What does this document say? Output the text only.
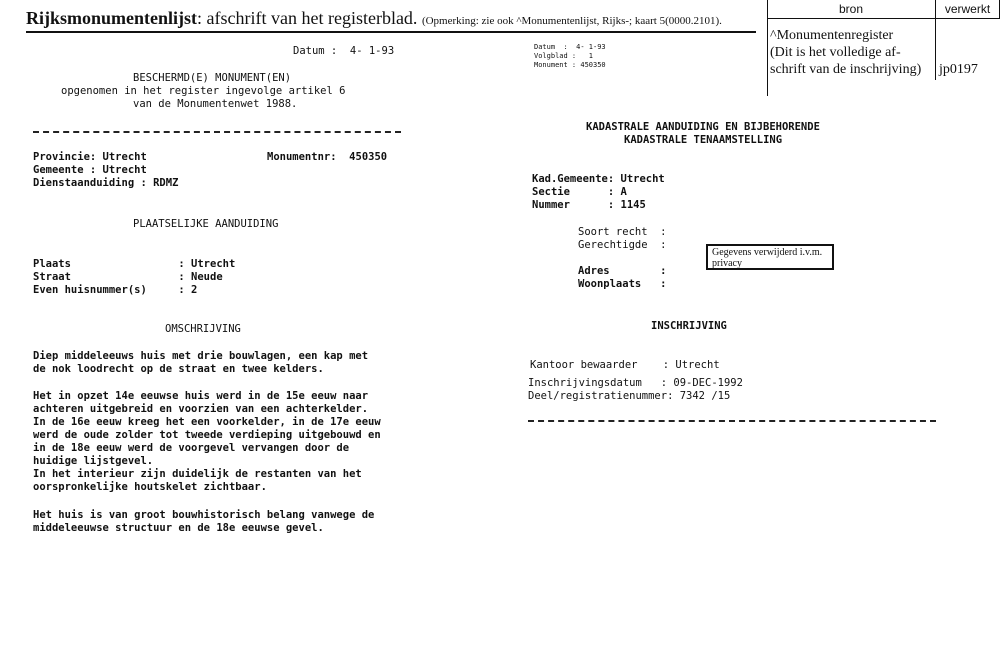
Rijksmonumentenlijst: afschrift van het registerblad. (Opmerking: zie ook ^Monumentenlijst, Rijks-; kaart 5(0000.2101).
bron	verwerkt
^Monumentenregister
(Dit is het volledige af-
schrift van de inschrijving) jp0197
Datum :  4- 1-93
BESCHERMD(E) MONUMENT(EN)
opgenomen in het register ingevolge artikel 6
van de Monumentenwet 1988.
Provincie: Utrecht	Monumentnr:  450350
Gemeente : Utrecht
Dienstaanduiding : RDMZ
PLAATSELIJKE AANDUIDING
Plaats                 : Utrecht
Straat                 : Neude
Even huisnummer(s)     : 2
OMSCHRIJVING
Diep middeleeuws huis met drie bouwlagen, een kap met
de nok loodrecht op de straat en twee kelders.
Het in opzet 14e eeuwse huis werd in de 15e eeuw naar
achteren uitgebreid en voorzien van een achterkelder.
In de 16e eeuw kreeg het een voorkelder, in de 17e eeuw
werd de oude zolder tot tweede verdieping uitgebouwd en
in de 18e eeuw werd de voorgevel vervangen door de
huidige lijstgevel.
In het interieur zijn duidelijk de restanten van het
oorspronkelijke houtskelet zichtbaar.
Het huis is van groot bouwhistorisch belang vanwege de
middeleeuwse structuur en de 18e eeuwse gevel.
Datum  :  4- 1-93
Volgblad :   1
Monument : 450350
KADASTRALE AANDUIDING EN BIJBEHORENDE
KADASTRALE TENAAMSTELLING
Kad.Gemeente: Utrecht
Sectie      : A
Nummer      : 1145
Soort recht  :
Gerechtigde  :
Gegevens verwijderd i.v.m. privacy
Adres        :
Woonplaats   :
INSCHRIJVING
Kantoor bewaarder    : Utrecht
Inschrijvingsdatum   : 09-DEC-1992
Deel/registratienummer: 7342 /15
